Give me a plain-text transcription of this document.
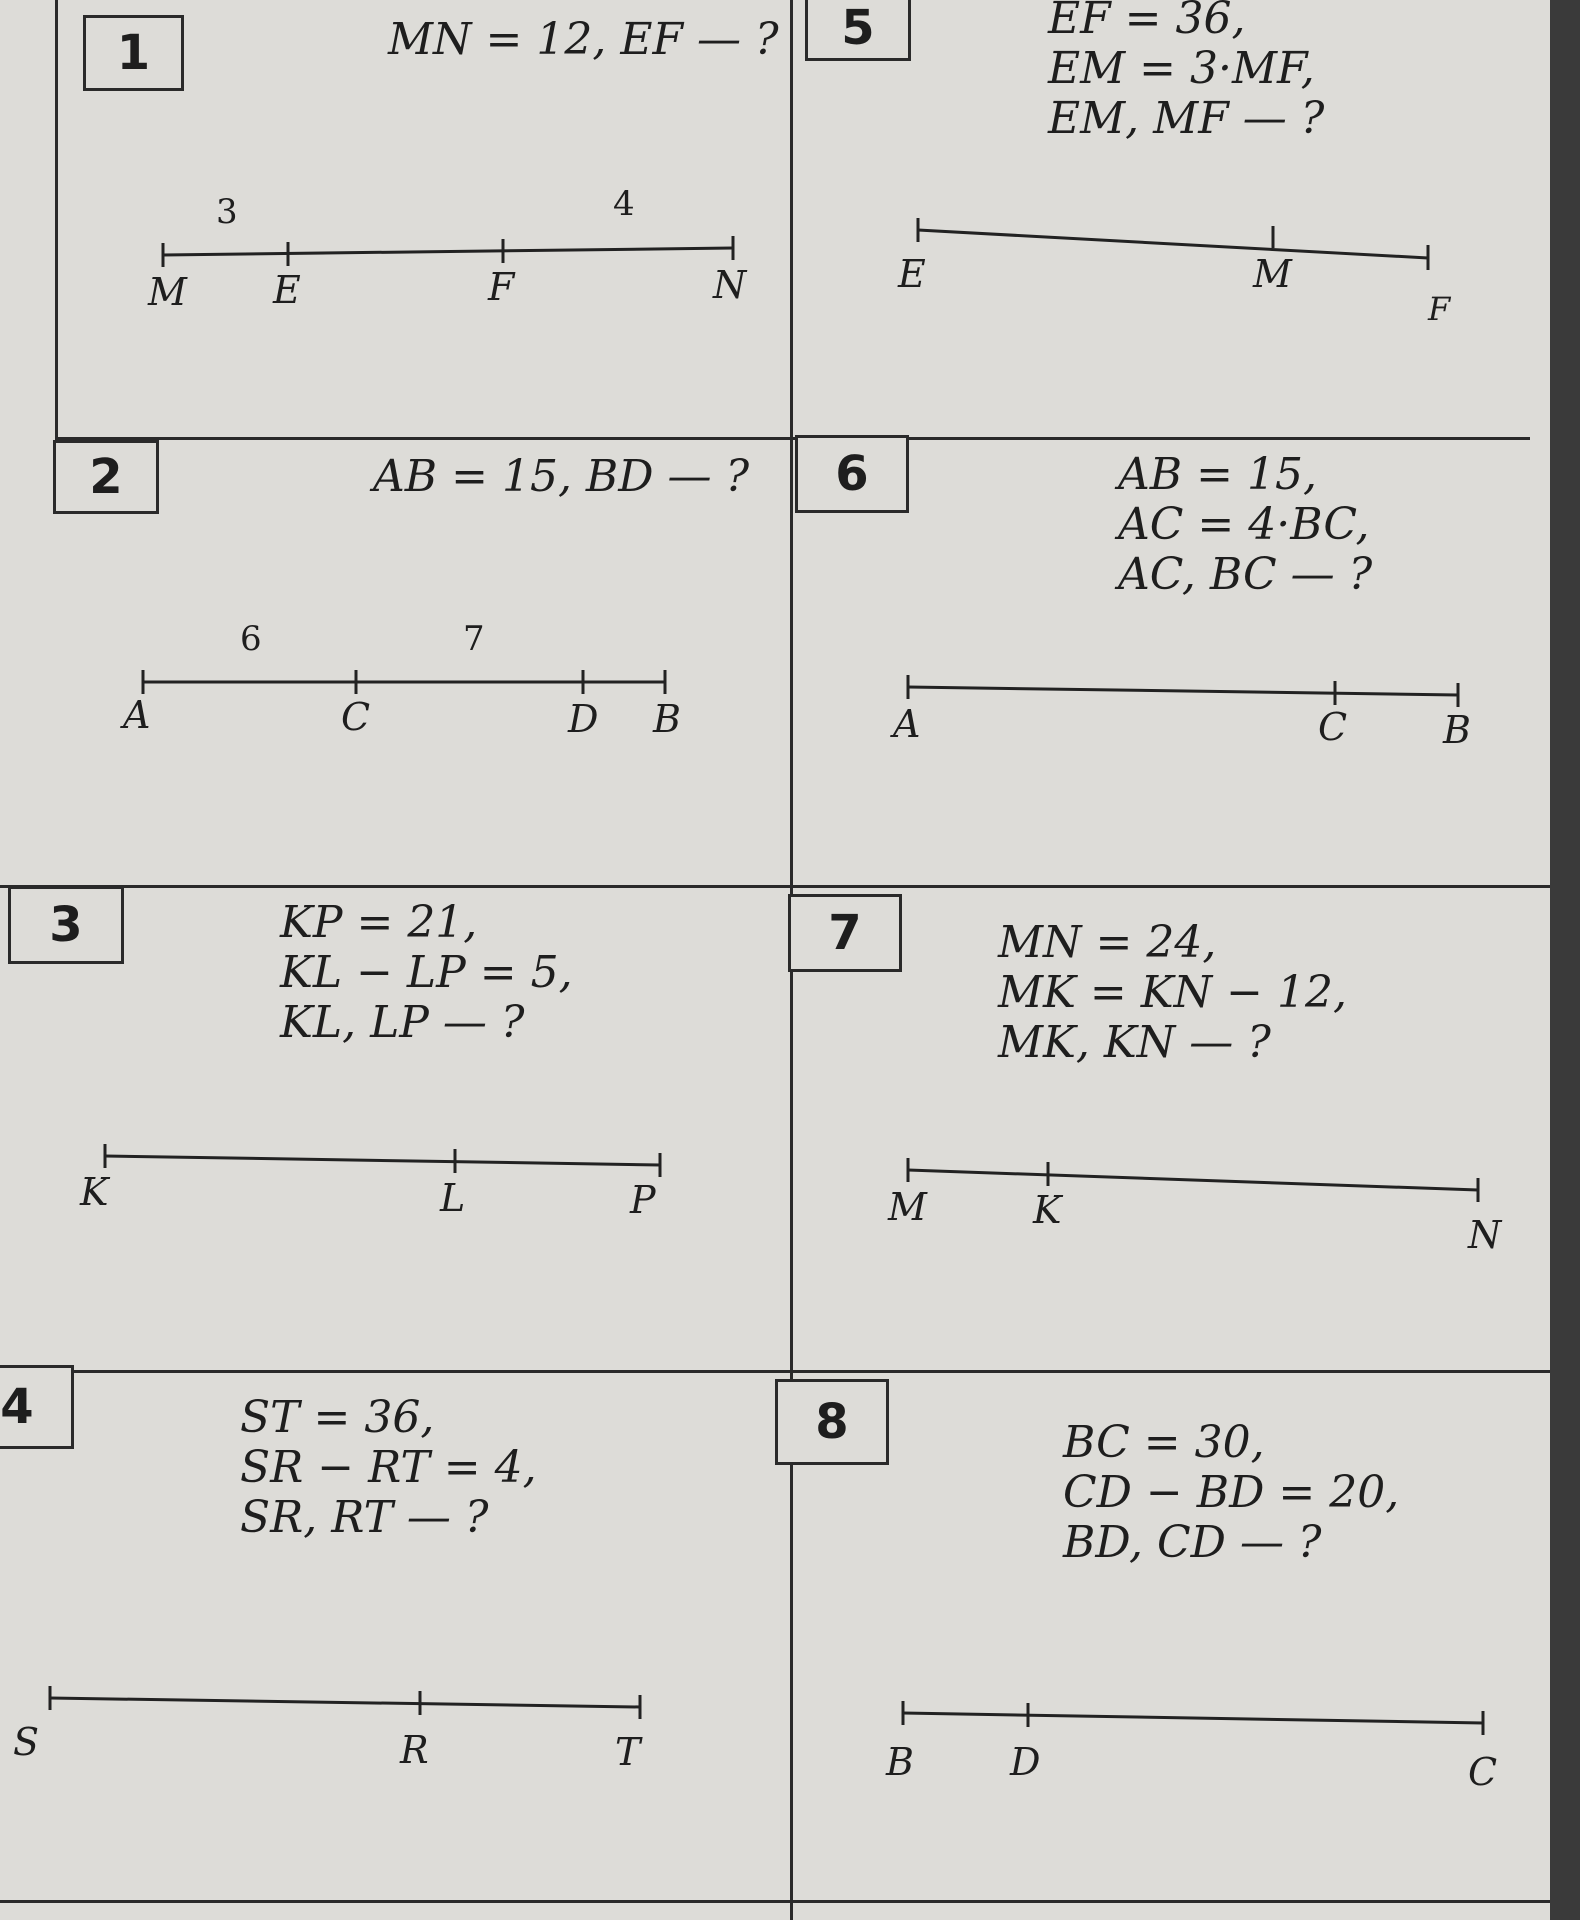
1	MN = 12, EF — ?
M E	F	N
3	4
5	EF = 36,
EM = 3·MF,
EM, MF — ?
E	M
F
2	AB = 15, BD — ?
A	C	D B
6	7
6	AB = 15,
AC = 4·BC,
AC, BC — ?
A	C	B
3	KP = 21,
KL − LP = 5,
KL, LP — ?
K	L	P
7	MN = 24,
MK = KN − 12,
MK, KN — ?
M	K
N
4	ST = 36,
SR − RT = 4,
SR, RT — ?
S	R	T
8	BC = 30,
CD − BD = 20,
BD, CD — ?
B	D	C
